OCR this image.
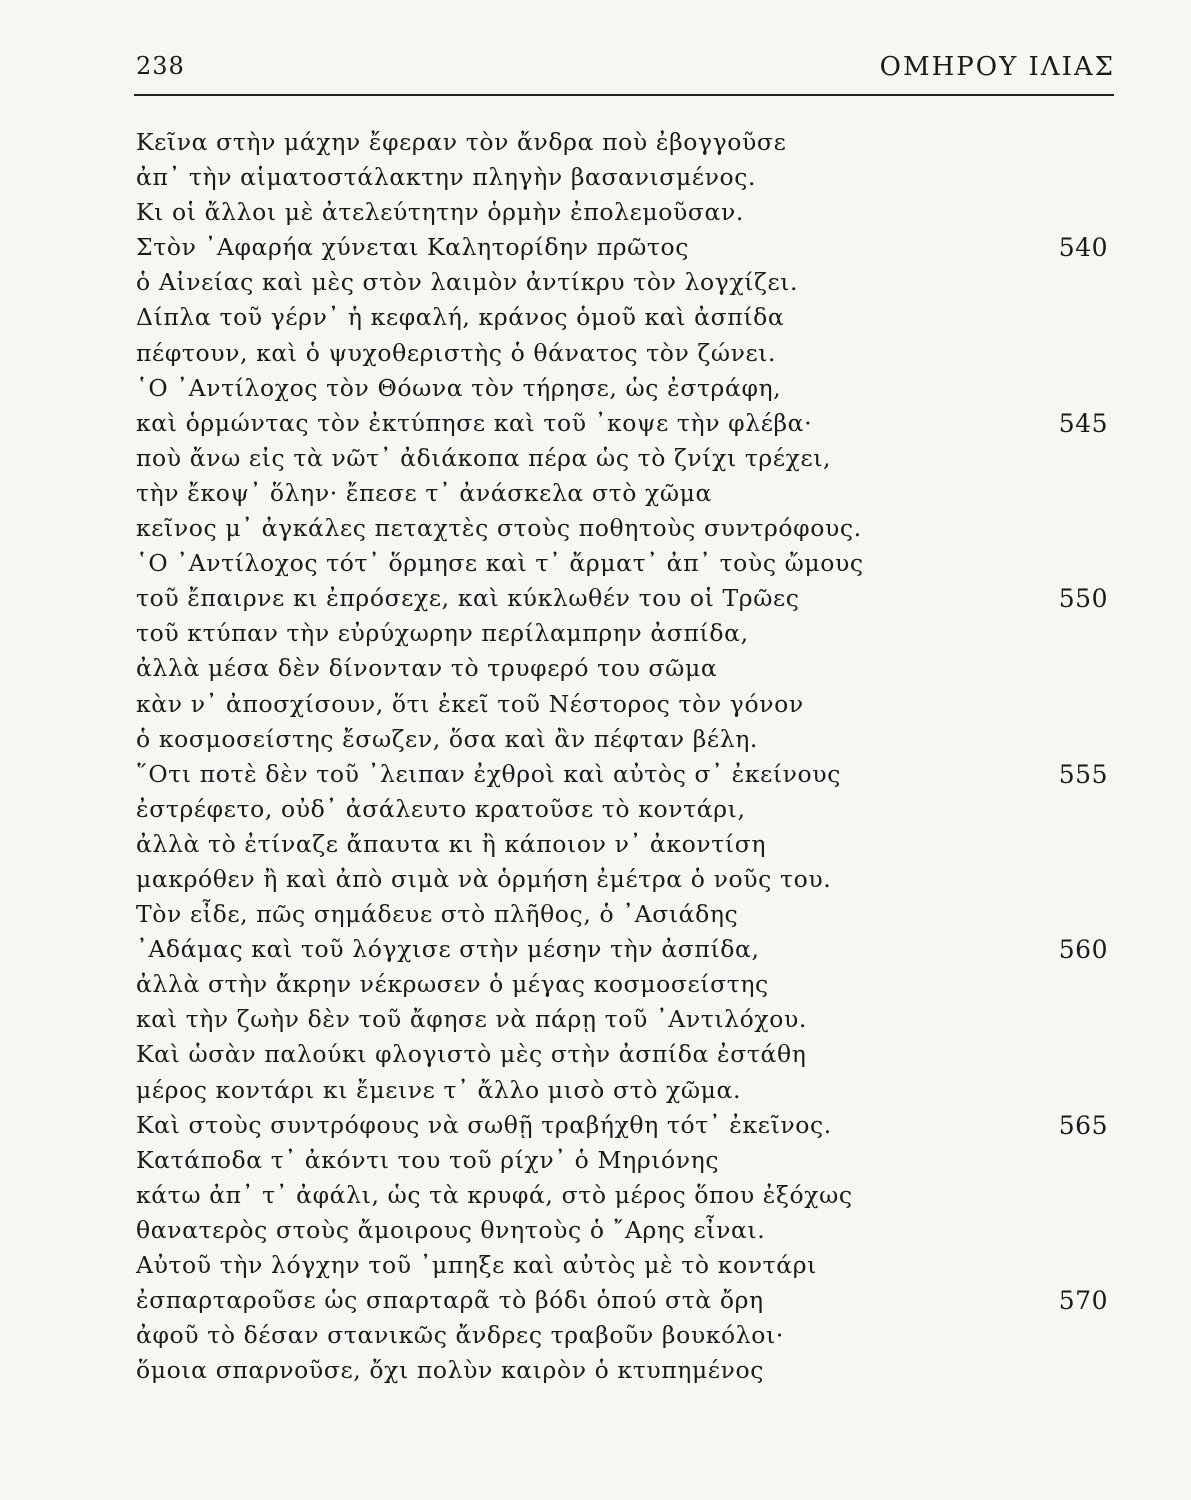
238	ΟΜΗΡΟΥ ΙΛΙΑΣ
Κεῖνα στὴν μάχην ἔφεραν τὸν ἄνδρα ποὺ ἐβογγοῦσε
ἀπ᾿ τὴν αἱματοστάλακτην πληγὴν βασανισμένος.
Κι οἱ ἄλλοι μὲ ἀτελεύτητην ὁρμὴν ἐπολεμοῦσαν.
Στὸν ᾿Αφαρήα χύνεται Καλητορίδην πρῶτος	540
ὁ Αἰνείας καὶ μὲς στὸν λαιμὸν ἀντίκρυ τὸν λογχίζει.
Δίπλα τοῦ γέρν᾿ ἡ κεφαλή, κράνος ὁμοῦ καὶ ἀσπίδα
πέφτουν, καὶ ὁ ψυχοθεριστὴς ὁ θάνατος τὸν ζώνει.
῾Ο ᾿Αντίλοχος τὸν Θόωνα τὸν τήρησε, ὡς ἐστράφη,
καὶ ὁρμώντας τὸν ἐκτύπησε καὶ τοῦ ᾿κοψε τὴν φλέβα·	545
ποὺ ἄνω εἰς τὰ νῶτ᾿ ἀδιάκοπα πέρα ὡς τὸ ζνίχι τρέχει,
τὴν ἔκοψ᾿ ὅλην· ἔπεσε τ᾿ ἀνάσκελα στὸ χῶμα
κεῖνος μ᾿ ἀγκάλες πεταχτὲς στοὺς ποθητοὺς συντρόφους.
῾Ο ᾿Αντίλοχος τότ᾿ ὅρμησε καὶ τ᾿ ἄρματ᾿ ἀπ᾿ τοὺς ὤμους
τοῦ ἔπαιρνε κι ἐπρόσεχε, καὶ κύκλωθέν του οἱ Τρῶες	550
τοῦ κτύπαν τὴν εὐρύχωρην περίλαμπρην ἀσπίδα,
ἀλλὰ μέσα δὲν δίνονταν τὸ τρυφερό του σῶμα
κὰν ν᾿ ἀποσχίσουν, ὅτι ἐκεῖ τοῦ Νέστορος τὸν γόνον
ὁ κοσμοσείστης ἔσωζεν, ὅσα καὶ ἂν πέφταν βέλη.
῞Οτι ποτὲ δὲν τοῦ ᾿λειπαν ἐχθροὶ καὶ αὐτὸς σ᾿ ἐκείνους	555
ἐστρέφετο, οὐδ᾿ ἀσάλευτο κρατοῦσε τὸ κοντάρι,
ἀλλὰ τὸ ἐτίναζε ἄπαυτα κι ἢ κάποιον ν᾿ ἀκοντίση
μακρόθεν ἢ καὶ ἀπὸ σιμὰ νὰ ὁρμήση ἐμέτρα ὁ νοῦς του.
Τὸν εἶδε, πῶς σημάδευε στὸ πλῆθος, ὁ ᾿Ασιάδης
᾿Αδάμας καὶ τοῦ λόγχισε στὴν μέσην τὴν ἀσπίδα,	560
ἀλλὰ στὴν ἄκρην νέκρωσεν ὁ μέγας κοσμοσείστης
καὶ τὴν ζωὴν δὲν τοῦ ἄφησε νὰ πάρῃ τοῦ ᾿Αντιλόχου.
Καὶ ὡσὰν παλούκι φλογιστὸ μὲς στὴν ἀσπίδα ἐστάθη
μέρος κοντάρι κι ἔμεινε τ᾿ ἄλλο μισὸ στὸ χῶμα.
Καὶ στοὺς συντρόφους νὰ σωθῇ τραβήχθη τότ᾿ ἐκεῖνος.	565
Κατάποδα τ᾿ ἀκόντι του τοῦ ρίχν᾿ ὁ Μηριόνης
κάτω ἀπ᾿ τ᾿ ἀφάλι, ὡς τὰ κρυφά, στὸ μέρος ὅπου ἐξόχως
θανατερὸς στοὺς ἄμοιρους θνητοὺς ὁ ῎Αρης εἶναι.
Αὐτοῦ τὴν λόγχην τοῦ ᾿μπηξε καὶ αὐτὸς μὲ τὸ κοντάρι
ἐσπαρταροῦσε ὡς σπαρταρᾶ τὸ βόδι ὁπού στὰ ὄρη	570
ἀφοῦ τὸ δέσαν στανικῶς ἄνδρες τραβοῦν βουκόλοι·
ὅμοια σπαρνοῦσε, ὄχι πολὺν καιρὸν ὁ κτυπημένος
